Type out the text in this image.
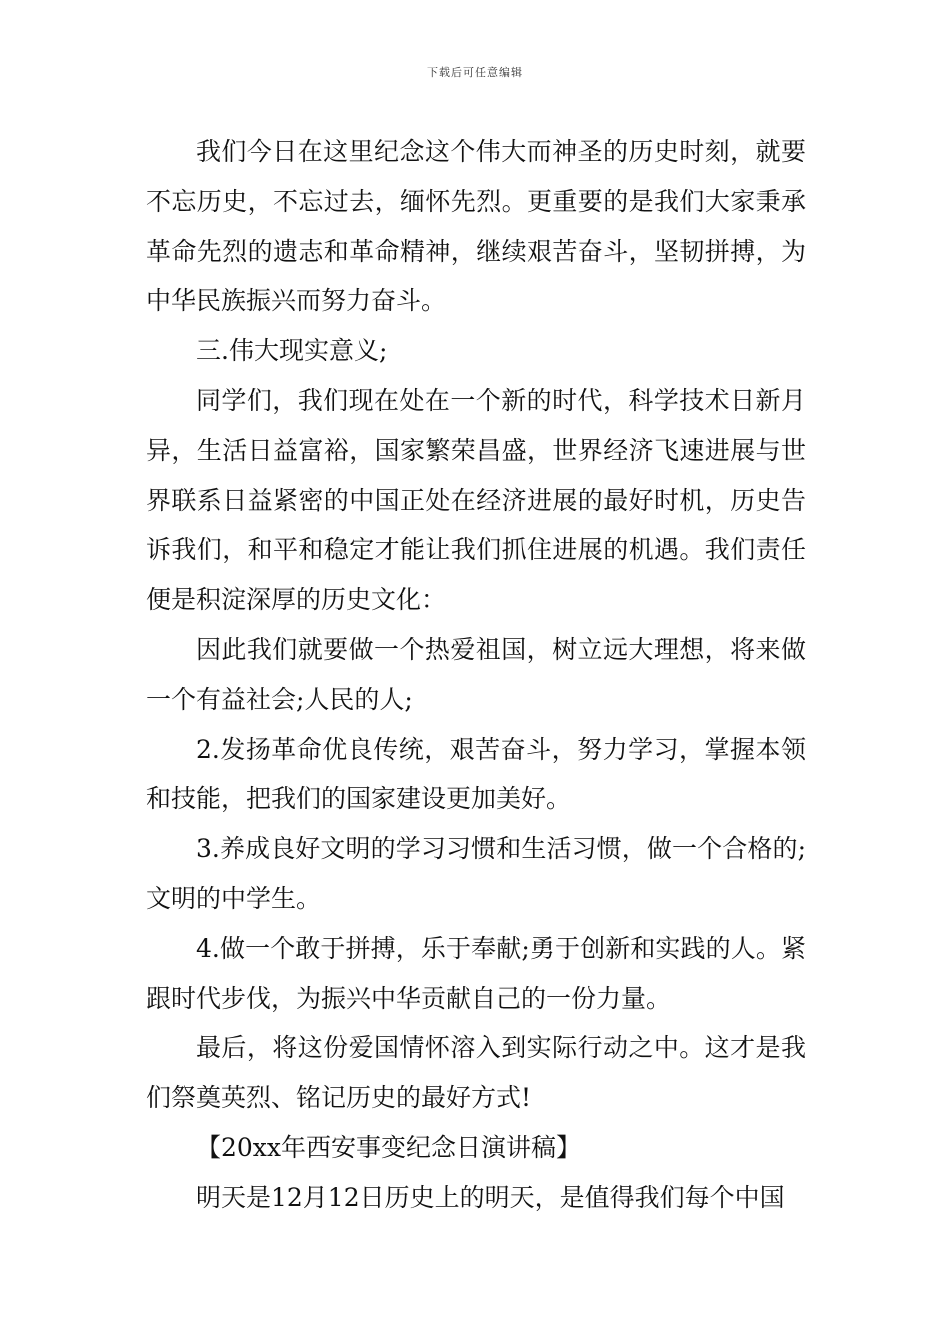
下载后可任意编辑

我们今日在这里纪念这个伟大而神圣的历史时刻，就要不忘历史，不忘过去，缅怀先烈。更重要的是我们大家秉承革命先烈的遗志和革命精神，继续艰苦奋斗，坚韧拼搏，为中华民族振兴而努力奋斗。

三.伟大现实意义;

同学们，我们现在处在一个新的时代，科学技术日新月异，生活日益富裕，国家繁荣昌盛，世界经济飞速进展与世界联系日益紧密的中国正处在经济进展的最好时机，历史告诉我们，和平和稳定才能让我们抓住进展的机遇。我们责任便是积淀深厚的历史文化：

因此我们就要做一个热爱祖国，树立远大理想，将来做一个有益社会;人民的人;

2.发扬革命优良传统，艰苦奋斗，努力学习，掌握本领和技能，把我们的国家建设更加美好。

3.养成良好文明的学习习惯和生活习惯，做一个合格的;文明的中学生。

4.做一个敢于拼搏，乐于奉献;勇于创新和实践的人。紧跟时代步伐，为振兴中华贡献自己的一份力量。

最后，将这份爱国情怀溶入到实际行动之中。这才是我们祭奠英烈、铭记历史的最好方式!

【20xx年西安事变纪念日演讲稿】

明天是12月12日历史上的明天，是值得我们每个中国
